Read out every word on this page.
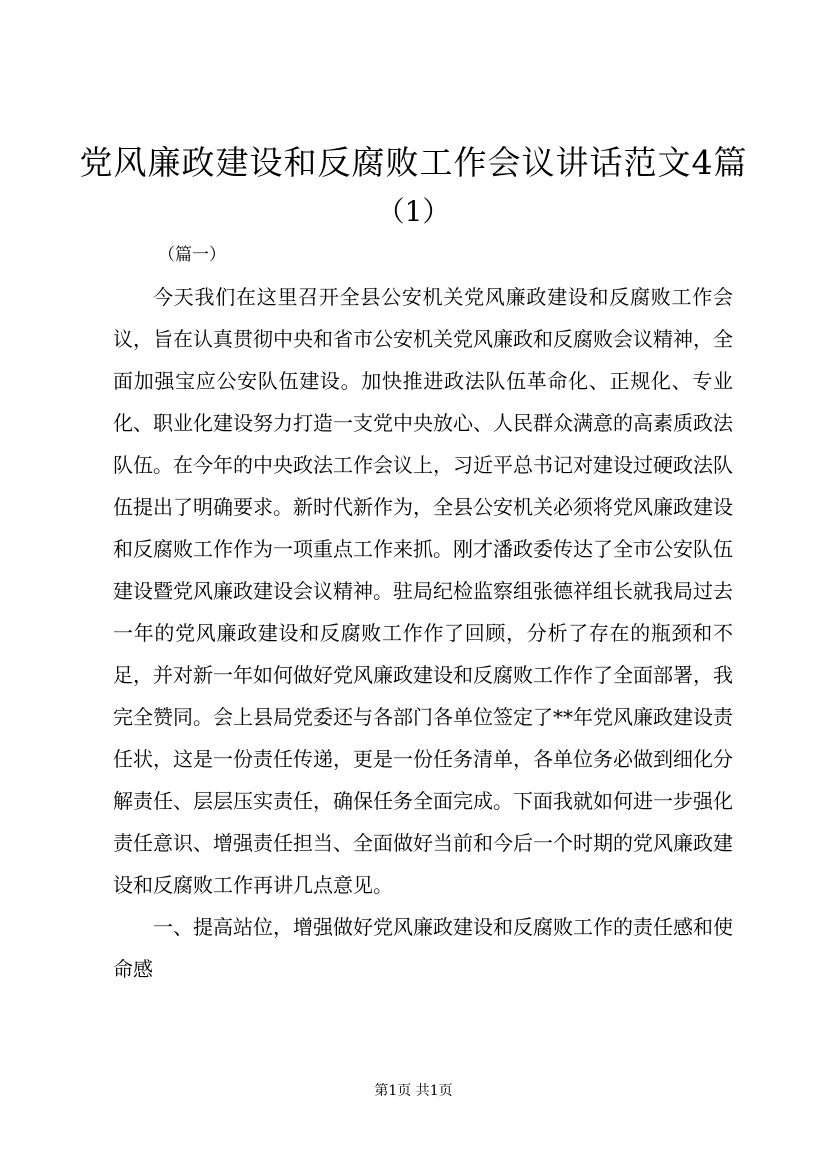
党风廉政建设和反腐败工作会议讲话范文4篇
（1）
（篇一）

今天我们在这里召开全县公安机关党风廉政建设和反腐败工作会议，旨在认真贯彻中央和省市公安机关党风廉政和反腐败会议精神，全面加强宝应公安队伍建设。加快推进政法队伍革命化、正规化、专业化、职业化建设努力打造一支党中央放心、人民群众满意的高素质政法队伍。在今年的中央政法工作会议上，习近平总书记对建设过硬政法队伍提出了明确要求。新时代新作为，全县公安机关必须将党风廉政建设和反腐败工作作为一项重点工作来抓。刚才潘政委传达了全市公安队伍建设暨党风廉政建设会议精神。驻局纪检监察组张德祥组长就我局过去一年的党风廉政建设和反腐败工作作了回顾，分析了存在的瓶颈和不足，并对新一年如何做好党风廉政建设和反腐败工作作了全面部署，我完全赞同。会上县局党委还与各部门各单位签定了**年党风廉政建设责任状，这是一份责任传递，更是一份任务清单，各单位务必做到细化分解责任、层层压实责任，确保任务全面完成。下面我就如何进一步强化责任意识、增强责任担当、全面做好当前和今后一个时期的党风廉政建设和反腐败工作再讲几点意见。

一、提高站位，增强做好党风廉政建设和反腐败工作的责任感和使命感

第1页 共1页
